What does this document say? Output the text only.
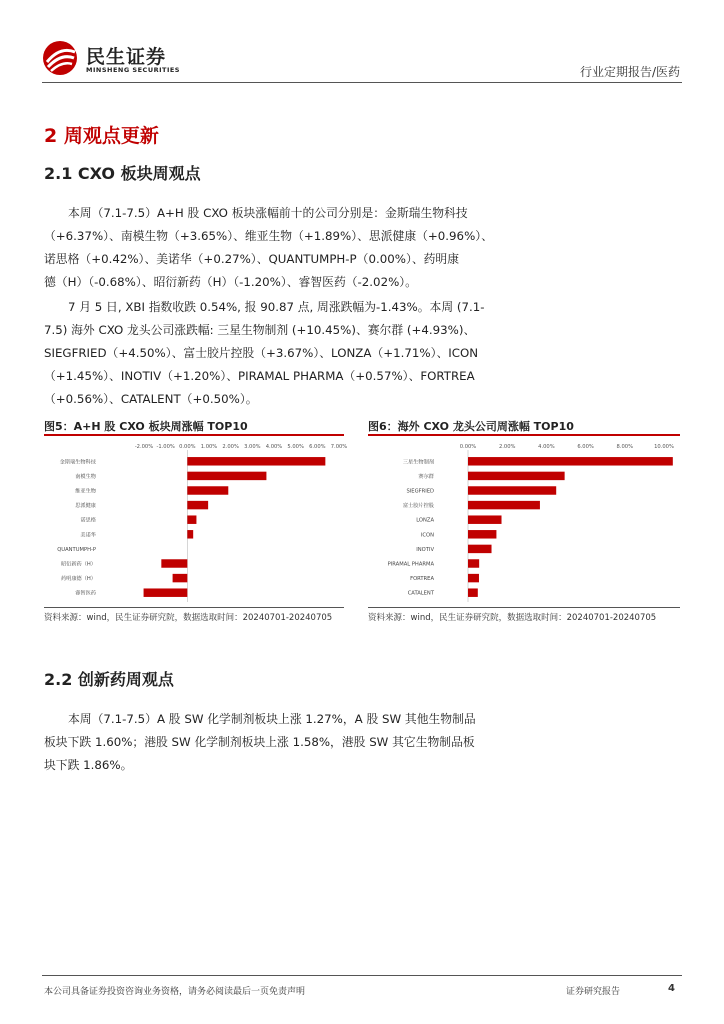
民生证券
MINSHENG SECURITIES	行业定期报告/医药
2 周观点更新
2.1 CXO 板块周观点
本周（7.1-7.5）A+H 股 CXO 板块涨幅前十的公司分别是：金斯瑞生物科技
（+6.37%）、南模生物（+3.65%）、维亚生物（+1.89%）、思派健康（+0.96%）、
诺思格（+0.42%）、美诺华（+0.27%）、QUANTUMPH-P（0.00%）、药明康
德（H）（-0.68%）、昭衍新药（H）（-1.20%）、睿智医药（-2.02%）。
7 月 5 日, XBI 指数收跌 0.54%, 报 90.87 点, 周涨跌幅为-1.43%。本周 (7.1-
7.5) 海外 CXO 龙头公司涨跌幅: 三星生物制剂 (+10.45%)、赛尔群 (+4.93%)、
SIEGFRIED（+4.50%）、富士胶片控股（+3.67%）、LONZA（+1.71%）、ICON
（+1.45%）、INOTIV（+1.20%）、PIRAMAL PHARMA（+0.57%）、FORTREA
（+0.56%）、CATALENT（+0.50%）。
图5：A+H 股 CXO 板块周涨幅 TOP10
-2.00% -1.00% 0.00% 1.00% 2.00% 3.00% 4.00% 5.00% 6.00% 7.00%
金斯瑞生物科技
南模生物
维亚生物
思派健康
诺思格
美诺华
QUANTUMPH-P
昭衍新药（H）
药明康德（H）
睿智医药
资料来源：wind，民生证券研究院，数据选取时间：20240701-20240705
图6：海外 CXO 龙头公司周涨幅 TOP10
0.00%	2.00%	4.00%	6.00%	8.00%	10.00%
三星生物制剂
赛尔群
SIEGFRIED
富士胶片控股
LONZA
ICON
INOTIV
PIRAMAL PHARMA
FORTREA
CATALENT
资料来源：wind，民生证券研究院，数据选取时间：20240701-20240705
2.2 创新药周观点
本周（7.1-7.5）A 股 SW 化学制剂板块上涨 1.27%，A 股 SW 其他生物制品
板块下跌 1.60%；港股 SW 化学制剂板块上涨 1.58%，港股 SW 其它生物制品板
块下跌 1.86%。
本公司具备证券投资咨询业务资格，请务必阅读最后一页免责声明	证券研究报告	4
